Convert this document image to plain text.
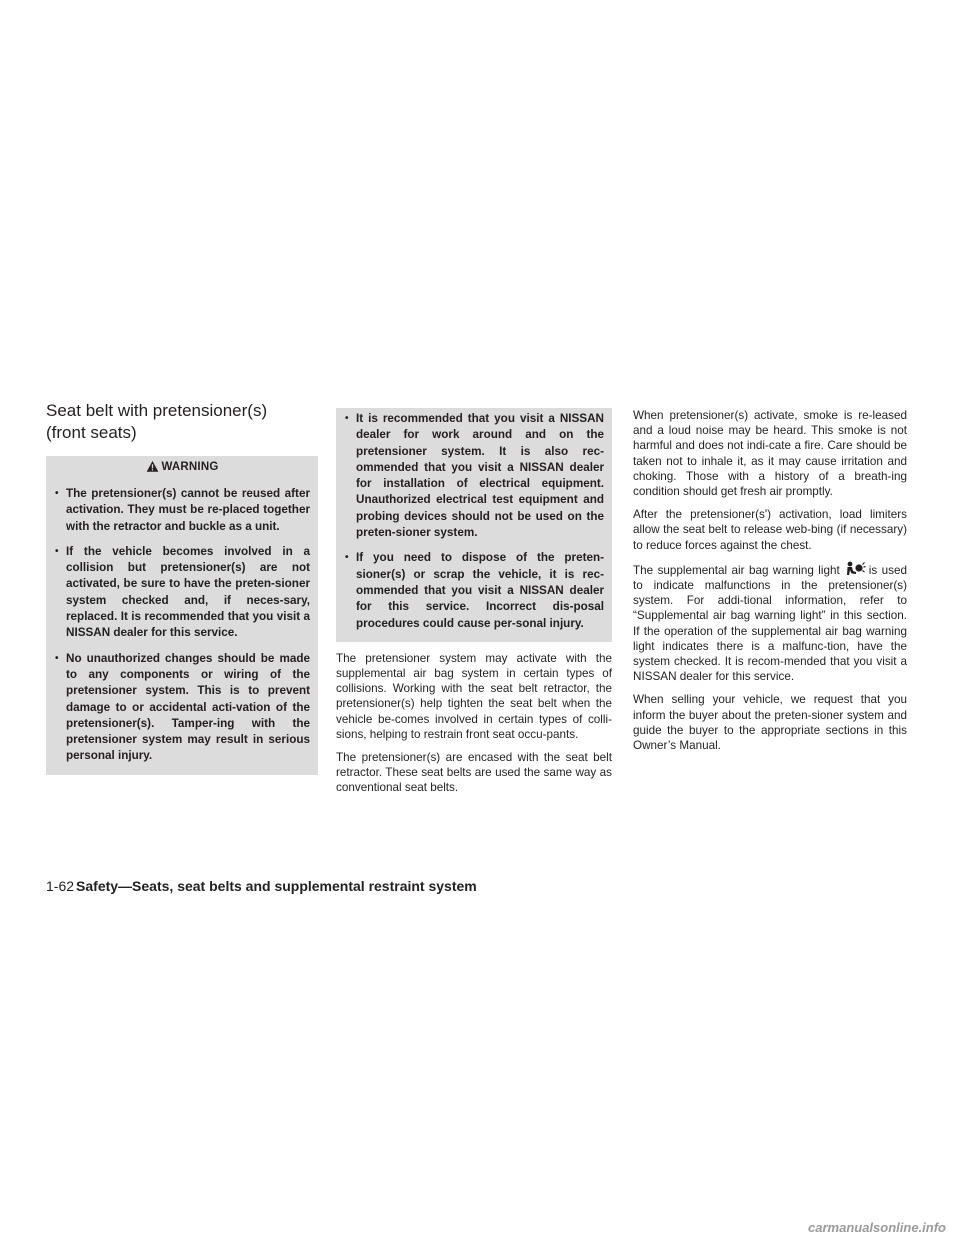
Seat belt with pretensioner(s)
(front seats)
WARNING
• The pretensioner(s) cannot be reused after activation. They must be re-placed together with the retractor and buckle as a unit.
• If the vehicle becomes involved in a collision but pretensioner(s) are not activated, be sure to have the preten-sioner system checked and, if neces-sary, replaced. It is recommended that you visit a NISSAN dealer for this service.
• No unauthorized changes should be made to any components or wiring of the pretensioner system. This is to prevent damage to or accidental acti-vation of the pretensioner(s). Tamper-ing with the pretensioner system may result in serious personal injury.
• It is recommended that you visit a NISSAN dealer for work around and on the pretensioner system. It is also rec-ommended that you visit a NISSAN dealer for installation of electrical equipment. Unauthorized electrical test equipment and probing devices should not be used on the preten-sioner system.
• If you need to dispose of the preten-sioner(s) or scrap the vehicle, it is rec-ommended that you visit a NISSAN dealer for this service. Incorrect dis-posal procedures could cause per-sonal injury.

The pretensioner system may activate with the supplemental air bag system in certain types of collisions. Working with the seat belt retractor, the pretensioner(s) help tighten the seat belt when the vehicle be-comes involved in certain types of colli-sions, helping to restrain front seat occu-pants.

The pretensioner(s) are encased with the seat belt retractor. These seat belts are used the same way as conventional seat belts.

When pretensioner(s) activate, smoke is re-leased and a loud noise may be heard. This smoke is not harmful and does not indi-cate a fire. Care should be taken not to inhale it, as it may cause irritation and choking. Those with a history of a breath-ing condition should get fresh air promptly.

After the pretensioner(s') activation, load limiters allow the seat belt to release web-bing (if necessary) to reduce forces against the chest.

The supplemental air bag warning light is used to indicate malfunctions in the pretensioner(s) system. For addi-tional information, refer to “Supplemental air bag warning light” in this section. If the operation of the supplemental air bag warning light indicates there is a malfunc-tion, have the system checked. It is recom-mended that you visit a NISSAN dealer for this service.

When selling your vehicle, we request that you inform the buyer about the preten-sioner system and guide the buyer to the appropriate sections in this Owner’s Manual.

1-62 Safety—Seats, seat belts and supplemental restraint system
carmanualsonline.info
